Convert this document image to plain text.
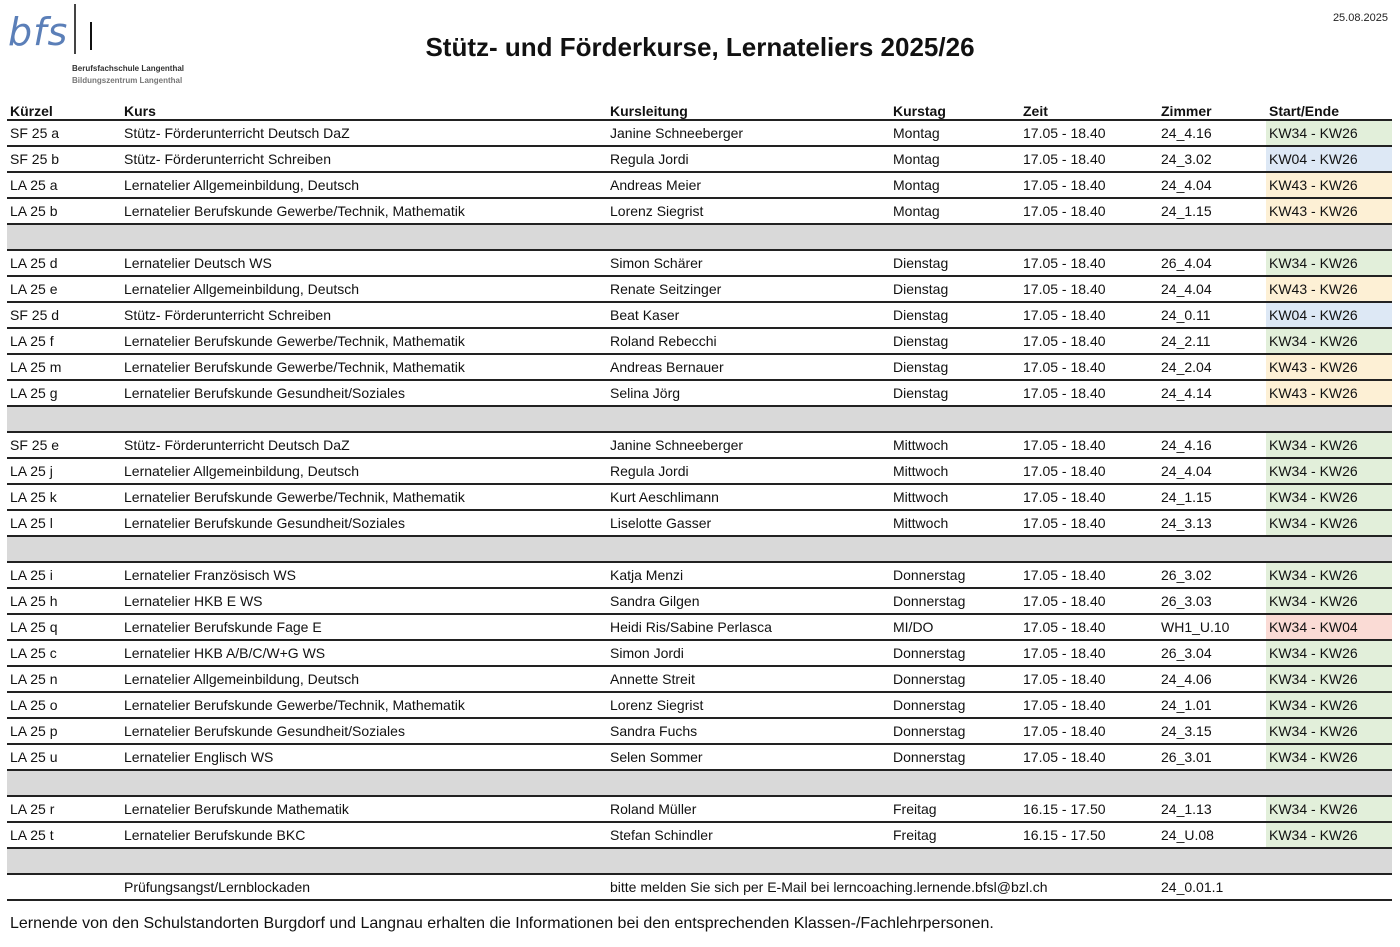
bfs
Berufsfachschule Langenthal
Bildungszentrum Langenthal
25.08.2025
Stütz- und Förderkurse, Lernateliers 2025/26
Kürzel	Kurs	Kursleitung	Kurstag	Zeit	Zimmer	Start/Ende
SF 25 a	Stütz- Förderunterricht Deutsch DaZ	Janine Schneeberger	Montag	17.05 - 18.40	24_4.16	KW34 - KW26
SF 25 b	Stütz- Förderunterricht Schreiben	Regula Jordi	Montag	17.05 - 18.40	24_3.02	KW04 - KW26
LA 25 a	Lernatelier Allgemeinbildung, Deutsch	Andreas Meier	Montag	17.05 - 18.40	24_4.04	KW43 - KW26
LA 25 b	Lernatelier Berufskunde Gewerbe/Technik, Mathematik	Lorenz Siegrist	Montag	17.05 - 18.40	24_1.15	KW43 - KW26

LA 25 d	Lernatelier Deutsch WS	Simon Schärer	Dienstag	17.05 - 18.40	26_4.04	KW34 - KW26
LA 25 e	Lernatelier Allgemeinbildung, Deutsch	Renate Seitzinger	Dienstag	17.05 - 18.40	24_4.04	KW43 - KW26
SF 25 d	Stütz- Förderunterricht Schreiben	Beat Kaser	Dienstag	17.05 - 18.40	24_0.11	KW04 - KW26
LA 25 f	Lernatelier Berufskunde Gewerbe/Technik, Mathematik	Roland Rebecchi	Dienstag	17.05 - 18.40	24_2.11	KW34 - KW26
LA 25 m	Lernatelier Berufskunde Gewerbe/Technik, Mathematik	Andreas Bernauer	Dienstag	17.05 - 18.40	24_2.04	KW43 - KW26
LA 25 g	Lernatelier Berufskunde Gesundheit/Soziales	Selina Jörg	Dienstag	17.05 - 18.40	24_4.14	KW43 - KW26

SF 25 e	Stütz- Förderunterricht Deutsch DaZ	Janine Schneeberger	Mittwoch	17.05 - 18.40	24_4.16	KW34 - KW26
LA 25 j	Lernatelier Allgemeinbildung, Deutsch	Regula Jordi	Mittwoch	17.05 - 18.40	24_4.04	KW34 - KW26
LA 25 k	Lernatelier Berufskunde Gewerbe/Technik, Mathematik	Kurt Aeschlimann	Mittwoch	17.05 - 18.40	24_1.15	KW34 - KW26
LA 25 l	Lernatelier Berufskunde Gesundheit/Soziales	Liselotte Gasser	Mittwoch	17.05 - 18.40	24_3.13	KW34 - KW26

LA 25 i	Lernatelier Französisch WS	Katja Menzi	Donnerstag	17.05 - 18.40	26_3.02	KW34 - KW26
LA 25 h	Lernatelier HKB E WS	Sandra Gilgen	Donnerstag	17.05 - 18.40	26_3.03	KW34 - KW26
LA 25 q	Lernatelier Berufskunde Fage E	Heidi Ris/Sabine Perlasca	MI/DO	17.05 - 18.40	WH1_U.10	KW34 - KW04
LA 25 c	Lernatelier HKB A/B/C/W+G WS	Simon Jordi	Donnerstag	17.05 - 18.40	26_3.04	KW34 - KW26
LA 25 n	Lernatelier Allgemeinbildung, Deutsch	Annette Streit	Donnerstag	17.05 - 18.40	24_4.06	KW34 - KW26
LA 25 o	Lernatelier Berufskunde Gewerbe/Technik, Mathematik	Lorenz Siegrist	Donnerstag	17.05 - 18.40	24_1.01	KW34 - KW26
LA 25 p	Lernatelier Berufskunde Gesundheit/Soziales	Sandra Fuchs	Donnerstag	17.05 - 18.40	24_3.15	KW34 - KW26
LA 25 u	Lernatelier Englisch WS	Selen Sommer	Donnerstag	17.05 - 18.40	26_3.01	KW34 - KW26

LA 25 r	Lernatelier Berufskunde Mathematik	Roland Müller	Freitag	16.15 - 17.50	24_1.13	KW34 - KW26
LA 25 t	Lernatelier Berufskunde BKC	Stefan Schindler	Freitag	16.15 - 17.50	24_U.08	KW34 - KW26

	Prüfungsangst/Lernblockaden	bitte melden Sie sich per E-Mail bei lerncoaching.lernende.bfsl@bzl.ch			24_0.01.1	
Lernende von den Schulstandorten Burgdorf und Langnau erhalten die Informationen bei den entsprechenden Klassen-/Fachlehrpersonen.
